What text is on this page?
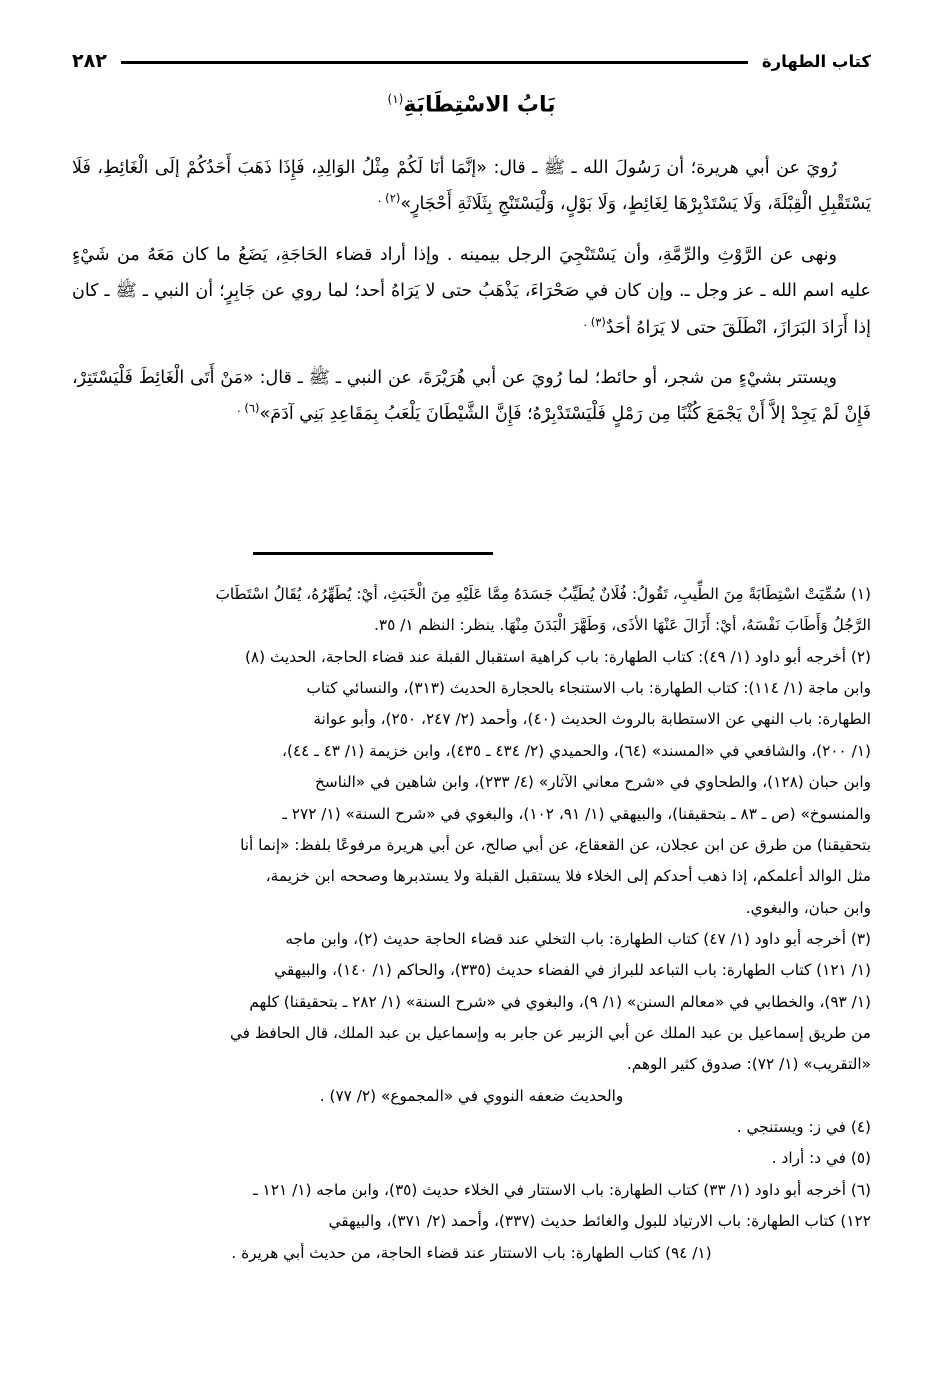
كتاب الطهارة
٢٨٢
بَابُ الاسْتِطَابَةِ$^{(١)}$

رُويَ عن أبي هريرة؛ أن رَسُولَ الله ـ ﷺ ـ قال: «إنَّمَا أنَا لَكُمْ مِثْلُ الوَالِدِ، فَإِذَا ذَهَبَ أَحَدُكُمْ إلَى الْغَائِطِ، فَلَا يَسْتَقْبِلِ الْقِبْلَةَ، وَلَا يَسْتَدْبِرْهَا لِغَائِطٍ، وَلَا بَوْلٍ، وَلْيَسْتَنْجِ بِثَلَاثَةِ أَحْجَارٍ»$^{(٢) .}$

ونهى عن الرَّوْثِ والرِّمَّةِ، وأن يَسْتَنْجِيَ الرجل بيمينه . وإذا أراد قضاء الحَاجَةِ، يَضَعُ ما كان مَعَهُ من شَيْءٍ عليه اسم الله ـ عز وجل ـ. وإن كان في صَحْرَاءَ، يَذْهَبُ حتى لا يَرَاهُ أحد؛ لما روي عن جَابِرٍ؛ أن النبي ـ ﷺ ـ كان إذا أَرَادَ البَرَازَ، انْطَلَقَ حتى لا يَرَاهُ أحَدٌ$^{(٣) .}$

ويستتر بشيْءٍ من شجر، أو حائط؛ لما رُويَ عن أبي هُرَيْرَةَ، عن النبي ـ ﷺ ـ قال: «مَنْ أَتَى الْغَائِطَ فَلْيَسْتَتِرْ، فَإِنْ لَمْ يَجِدْ إلاَّ أَنْ يَجْمَعَ كُثْبًا مِن رَمْلٍ فَلْيَسْتَدْبِرْهُ؛ فَإِنَّ الشَّيْطَانَ يَلْعَبُ بِمَقَاعِدِ بَنِي آدَمَ»$^{(٦) .}$

(١) سُمِّيَتْ اسْتِطَابَةً مِنَ الطِّيبِ، تَقُولُ: فُلَانٌ يُطَيِّبُ جَسَدَهُ مِمَّا عَلَيْهِ مِنَ الْخَبَثِ، أيْ: يُطَهِّرُهُ، يُقَالُ اسْتَطَابَ

الرَّجُلُ وَأَطَابَ نَفْسَهُ، أيْ: أَزَالَ عَنْهَا الأذَى، وَطَهَّرَ الْبَدَنَ مِنْهَا. ينظر: النظم ١/ ٣٥.

(٢) أخرجه أبو داود (١/ ٤٩): كتاب الطهارة: باب كراهية استقبال القبلة عند قضاء الحاجة، الحديث (٨)

وابن ماجة (١/ ١١٤): كتاب الطهارة: باب الاستنجاء بالحجارة الحديث (٣١٣)، والنسائي كتاب

الطهارة: باب النهي عن الاستطابة بالروث الحديث (٤٠)، وأحمد (٢/ ٢٤٧، ٢٥٠)، وأبو عوانة

(١/ ٢٠٠)، والشافعي في «المسند» (٦٤)، والحميدي (٢/ ٤٣٤ ـ ٤٣٥)، وابن خزيمة (١/ ٤٣ ـ ٤٤)،

وابن حبان (١٢٨)، والطحاوي في «شرح معاني الآثار» (٤/ ٢٣٣)، وابن شاهين في «الناسخ

والمنسوخ» (ص ـ ٨٣ ـ بتحقيقنا)، والبيهقي (١/ ٩١، ١٠٢)، والبغوي في «شرح السنة» (١/ ٢٧٢ ـ

بتحقيقنا) من طرق عن ابن عجلان، عن القعقاع، عن أبي صالح، عن أبي هريرة مرفوعًا بلفظ: «إنما أنا

مثل الوالد أعلمكم، إذا ذهب أحدكم إلى الخلاء فلا يستقبل القبلة ولا يستدبرها وصححه ابن خزيمة،

وابن حبان، والبغوي.

(٣) أخرجه أبو داود (١/ ٤٧) كتاب الطهارة: باب التخلي عند قضاء الحاجة حديث (٢)، وابن ماجه

(١/ ١٢١) كتاب الطهارة: باب التباعد للبراز في الفضاء حديث (٣٣٥)، والحاكم (١/ ١٤٠)، والبيهقي

(١/ ٩٣)، والخطابي في «معالم السنن» (١/ ٩)، والبغوي في «شرح السنة» (١/ ٢٨٢ ـ بتحقيقنا) كلهم

من طريق إسماعيل بن عبد الملك عن أبي الزبير عن جابر به وإسماعيل بن عبد الملك، قال الحافظ في

«التقريب» (١/ ٧٢): صدوق كثير الوهم.

والحديث ضعفه النووي في «المجموع» (٢/ ٧٧) .

(٤) في ز: ويستنجي .

(٥) في د: أراد .

(٦) أخرجه أبو داود (١/ ٣٣) كتاب الطهارة: باب الاستتار في الخلاء حديث (٣٥)، وابن ماجه (١/ ١٢١ ـ

١٢٢) كتاب الطهارة: باب الارتياد للبول والغائط حديث (٣٣٧)، وأحمد (٢/ ٣٧١)، والبيهقي

(١/ ٩٤) كتاب الطهارة: باب الاستتار عند قضاء الحاجة، من حديث أبي هريرة .
